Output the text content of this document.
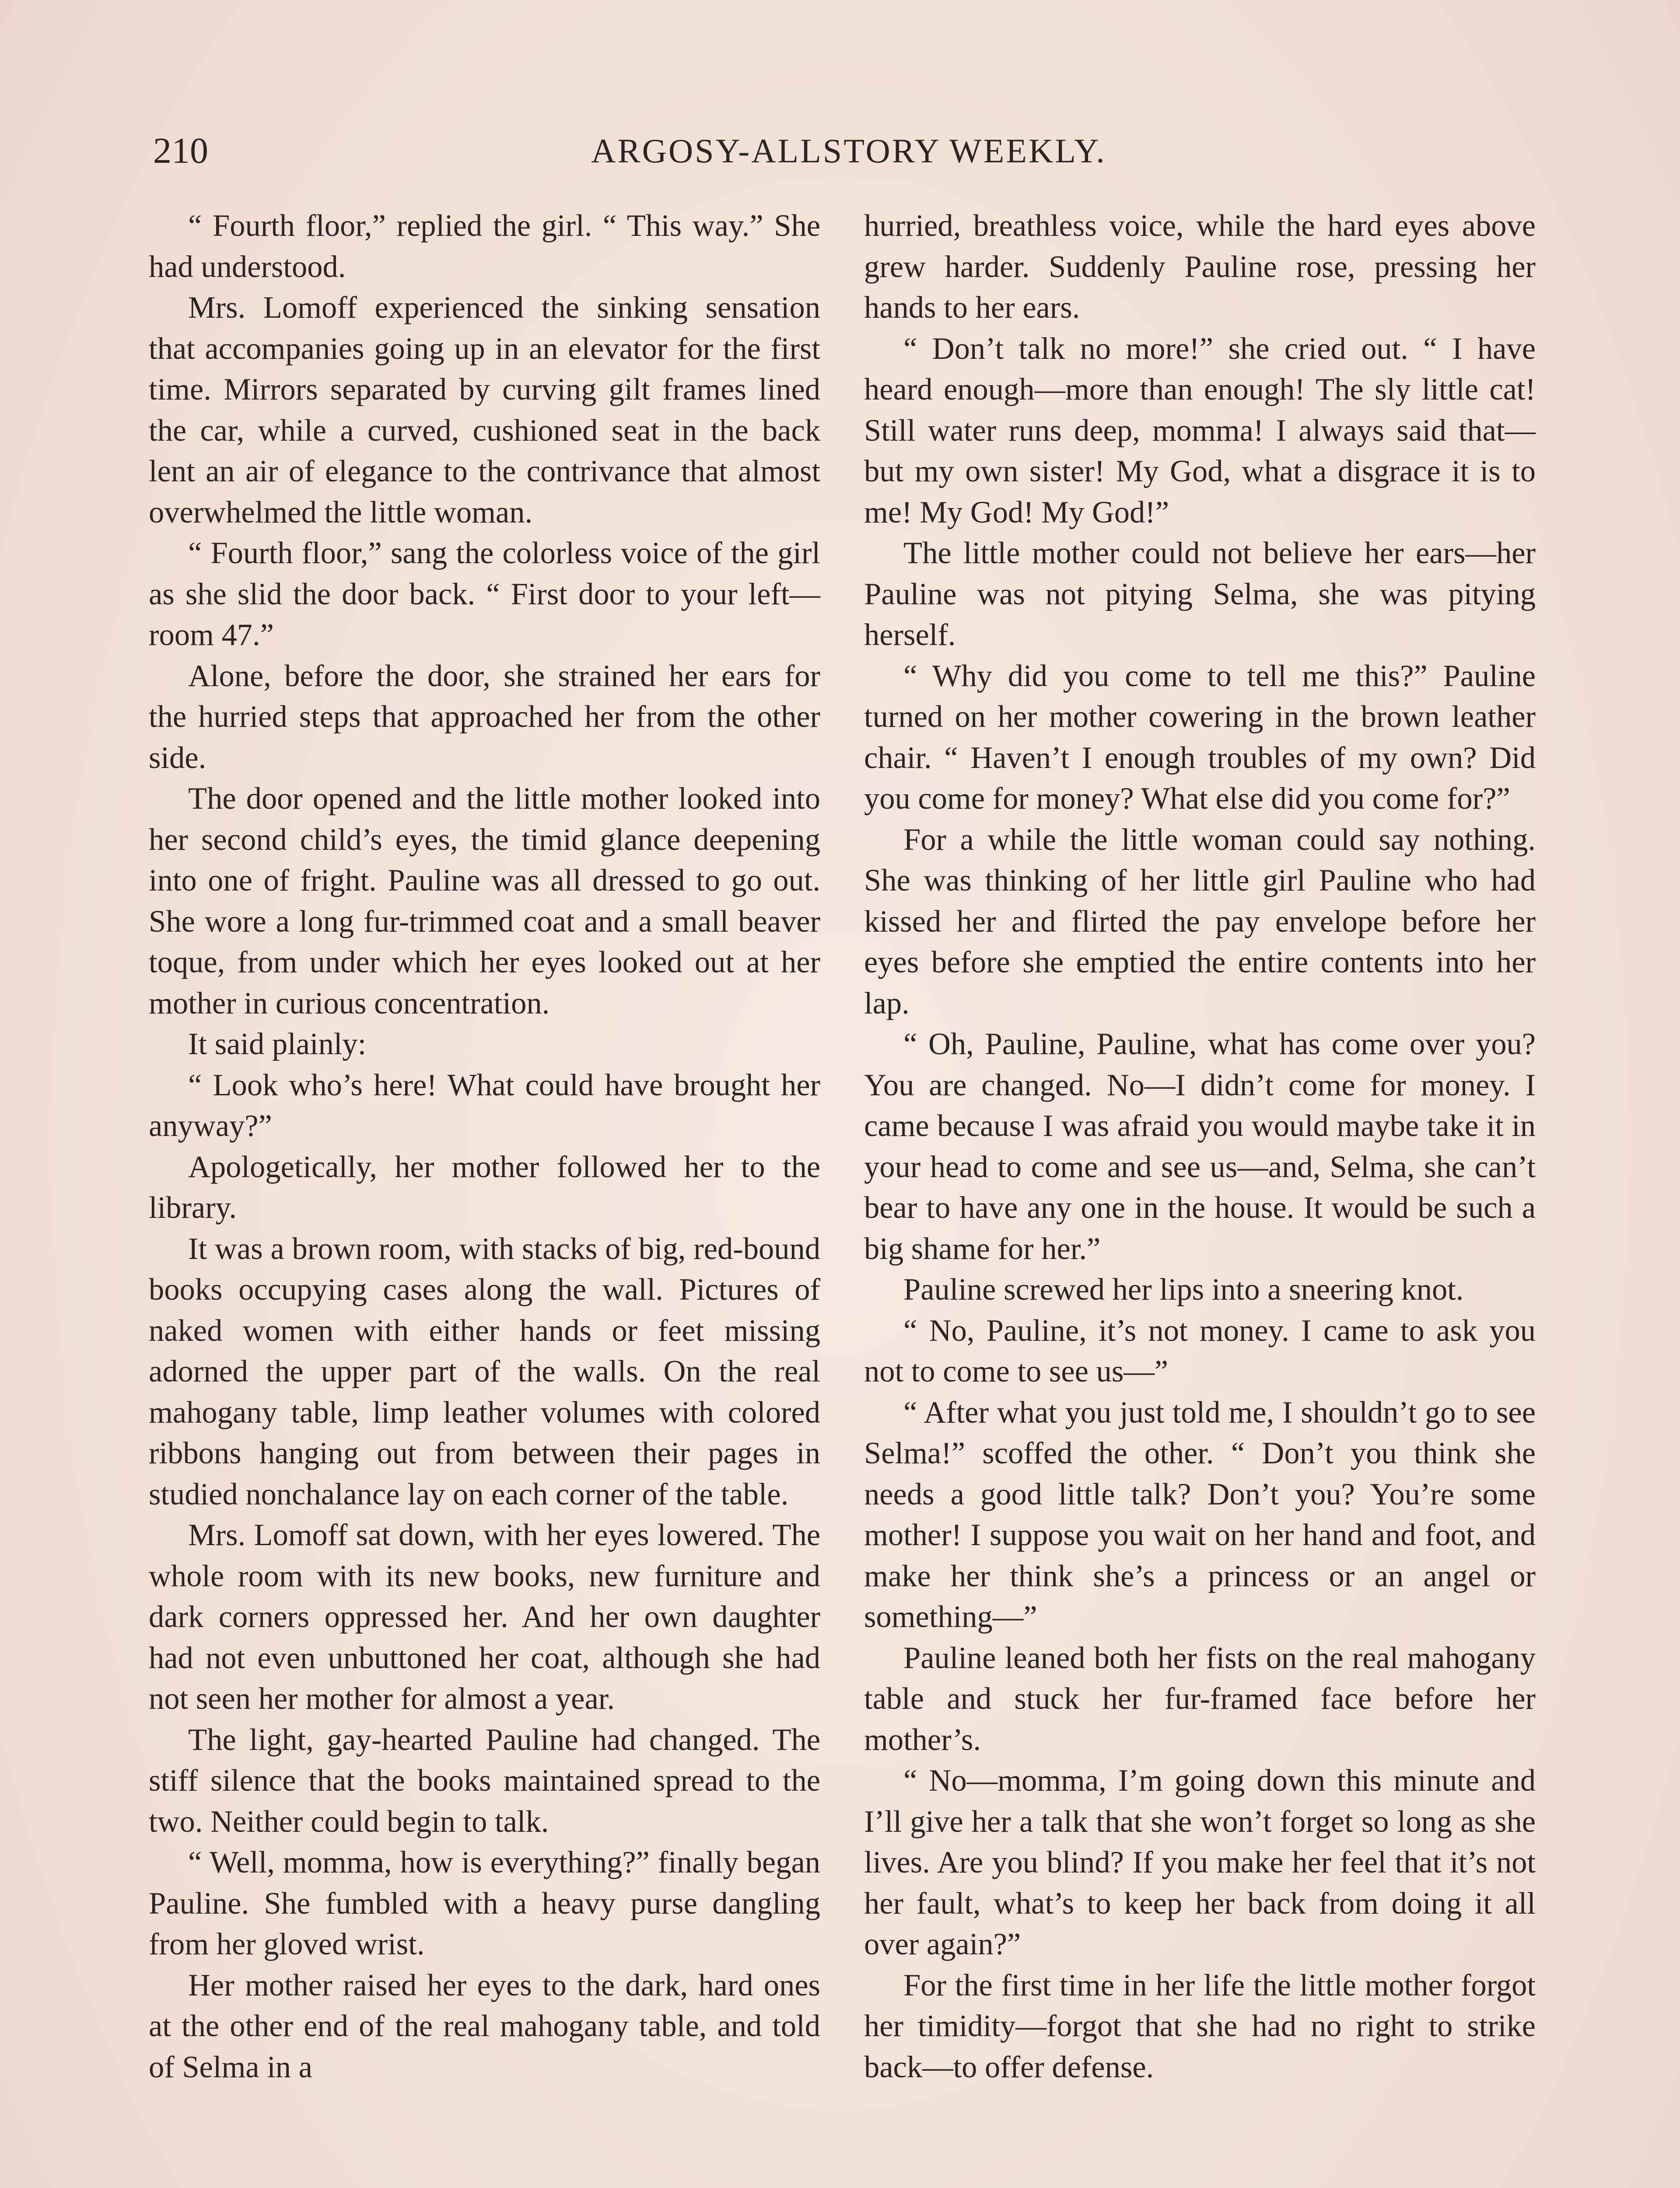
210	ARGOSY-ALLSTORY WEEKLY.

“ Fourth floor,” replied the girl. “ This way.” She had understood.

Mrs. Lomoff experienced the sinking sensation that accompanies going up in an elevator for the first time. Mirrors separated by curving gilt frames lined the car, while a curved, cushioned seat in the back lent an air of elegance to the contrivance that almost overwhelmed the little woman.

“ Fourth floor,” sang the colorless voice of the girl as she slid the door back. “ First door to your left—room 47.”

Alone, before the door, she strained her ears for the hurried steps that approached her from the other side.

The door opened and the little mother looked into her second child’s eyes, the timid glance deepening into one of fright. Pauline was all dressed to go out. She wore a long fur-trimmed coat and a small beaver toque, from under which her eyes looked out at her mother in curious concentration.

It said plainly:

“ Look who’s here! What could have brought her anyway?”

Apologetically, her mother followed her to the library.

It was a brown room, with stacks of big, red-bound books occupying cases along the wall. Pictures of naked women with either hands or feet missing adorned the upper part of the walls. On the real mahogany table, limp leather volumes with colored ribbons hanging out from between their pages in studied nonchalance lay on each corner of the table.

Mrs. Lomoff sat down, with her eyes lowered. The whole room with its new books, new furniture and dark corners oppressed her. And her own daughter had not even unbuttoned her coat, although she had not seen her mother for almost a year.

The light, gay-hearted Pauline had changed. The stiff silence that the books maintained spread to the two. Neither could begin to talk.

“ Well, momma, how is everything?” finally began Pauline. She fumbled with a heavy purse dangling from her gloved wrist.

Her mother raised her eyes to the dark, hard ones at the other end of the real mahogany table, and told of Selma in a

hurried, breathless voice, while the hard eyes above grew harder. Suddenly Pauline rose, pressing her hands to her ears.

“ Don’t talk no more!” she cried out. “ I have heard enough—more than enough! The sly little cat! Still water runs deep, momma! I always said that—but my own sister! My God, what a disgrace it is to me! My God! My God!”

The little mother could not believe her ears—her Pauline was not pitying Selma, she was pitying herself.

“ Why did you come to tell me this?” Pauline turned on her mother cowering in the brown leather chair. “ Haven’t I enough troubles of my own? Did you come for money? What else did you come for?”

For a while the little woman could say nothing. She was thinking of her little girl Pauline who had kissed her and flirted the pay envelope before her eyes before she emptied the entire contents into her lap.

“ Oh, Pauline, Pauline, what has come over you? You are changed. No—I didn’t come for money. I came because I was afraid you would maybe take it in your head to come and see us—and, Selma, she can’t bear to have any one in the house. It would be such a big shame for her.”

Pauline screwed her lips into a sneering knot.

“ No, Pauline, it’s not money. I came to ask you not to come to see us—”

“ After what you just told me, I shouldn’t go to see Selma!” scoffed the other. “ Don’t you think she needs a good little talk? Don’t you? You’re some mother! I suppose you wait on her hand and foot, and make her think she’s a princess or an angel or something—”

Pauline leaned both her fists on the real mahogany table and stuck her fur-framed face before her mother’s.

“ No—momma, I’m going down this minute and I’ll give her a talk that she won’t forget so long as she lives. Are you blind? If you make her feel that it’s not her fault, what’s to keep her back from doing it all over again?”

For the first time in her life the little mother forgot her timidity—forgot that she had no right to strike back—to offer defense.
